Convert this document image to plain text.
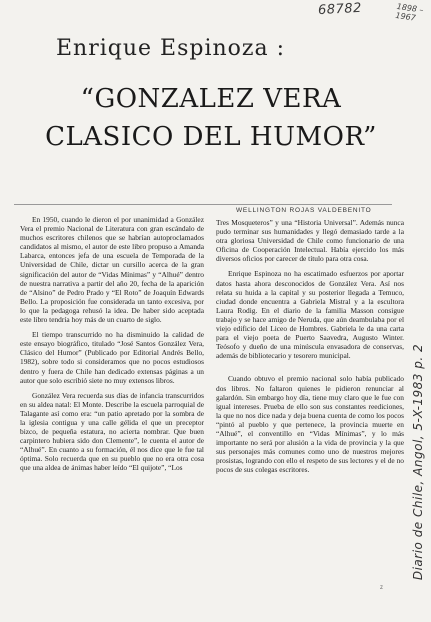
68782	1898 – 1967
Enrique Espinoza :
“GONZALEZ VERA CLASICO DEL HUMOR”
WELLINGTON ROJAS VALDEBENITO

En 1950, cuando le dieron el por unanimidad a González Vera el premio Nacional de Literatura con gran escándalo de muchos escritores chilenos que se habrían autoproclamados candidatos al mismo, el autor de este libro propuso a Amanda Labarca, entonces jefa de una escuela de Temporada de la Universidad de Chile, dictar un cursillo acerca de la gran significación del autor de “Vidas Mínimas” y “Alhué” dentro de nuestra narrativa a partir del año 20, fecha de la aparición de “Alsino” de Pedro Prado y “El Roto” de Joaquín Edwards Bello. La proposición fue considerada un tanto excesiva, por lo que la pedagoga rehusó la idea. De haber sido aceptada este libro tendría hoy más de un cuarto de siglo.

El tiempo transcurrido no ha disminuido la calidad de este ensayo biográfico, titulado “José Santos González Vera, Clásico del Humor” (Publicado por Editorial Andrés Bello, 1982), sobre todo si consideramos que no pocos estudiosos dentro y fuera de Chile han dedicado extensas páginas a un autor que solo escribió siete no muy extensos libros.

González Vera recuerda sus días de infancia transcurridos en su aldea natal: El Monte. Describe la escuela parroquial de Talagante así como era: “un patio apretado por la sombra de la iglesia contigua y una calle gélida el que un preceptor bizco, de pequeña estatura, no acierta nombrar. Que buen carpintero hubiera sido don Clemente”, le cuenta el autor de “Alhué”. En cuanto a su formación, él nos dice que le fue tal óptima. Solo recuerda que en su pueblo que no era otra cosa que una aldea de ánimas haber leído “El quijote”, “Los

Tres Mosqueteros” y una “Historia Universal”. Además nunca pudo terminar sus humanidades y llegó demasiado tarde a la otra gloriosa Universidad de Chile como funcionario de una Oficina de Cooperación Intelectual. Había ejercido los más diversos oficios por carecer de título para otra cosa.

Enrique Espinoza no ha escatimado esfuerzos por aportar datos hasta ahora desconocidos de González Vera. Así nos relata su huida a la capital y su posterior llegada a Temuco, ciudad donde encuentra a Gabriela Mistral y a la escultora Laura Rodig. En el diario de la familia Masson consigue trabajo y se hace amigo de Neruda, que aún deambulaba por el viejo edificio del Liceo de Hombres. Gabriela le da una carta para el viejo poeta de Puerto Saavedra, Augusto Winter. Teósofo y dueño de una minúscula envasadora de conservas, además de bibliotecario y tesorero municipal.

Cuando obtuvo el premio nacional solo había publicado dos libros. No faltaron quienes le pidieron renunciar al galardón. Sin embargo hoy día, tiene muy claro que le fue con igual intereses. Prueba de ello son sus constantes reediciones, la que no nos dice nada y deja buena cuenta de como los pocos “pintó al pueblo y que pertenece, la provincia muerte en “Alhué”, el conventillo en “Vidas Mínimas”, y lo más importante no será por alusión a la vida de provincia y la que sus personajes más comunes como uno de nuestros mejores prosistas, logrando con ello el respeto de sus lectores y el de no pocos de sus colegas escritores.	Diario de Chile, Angol, 5-X-1983 p. 2
z
